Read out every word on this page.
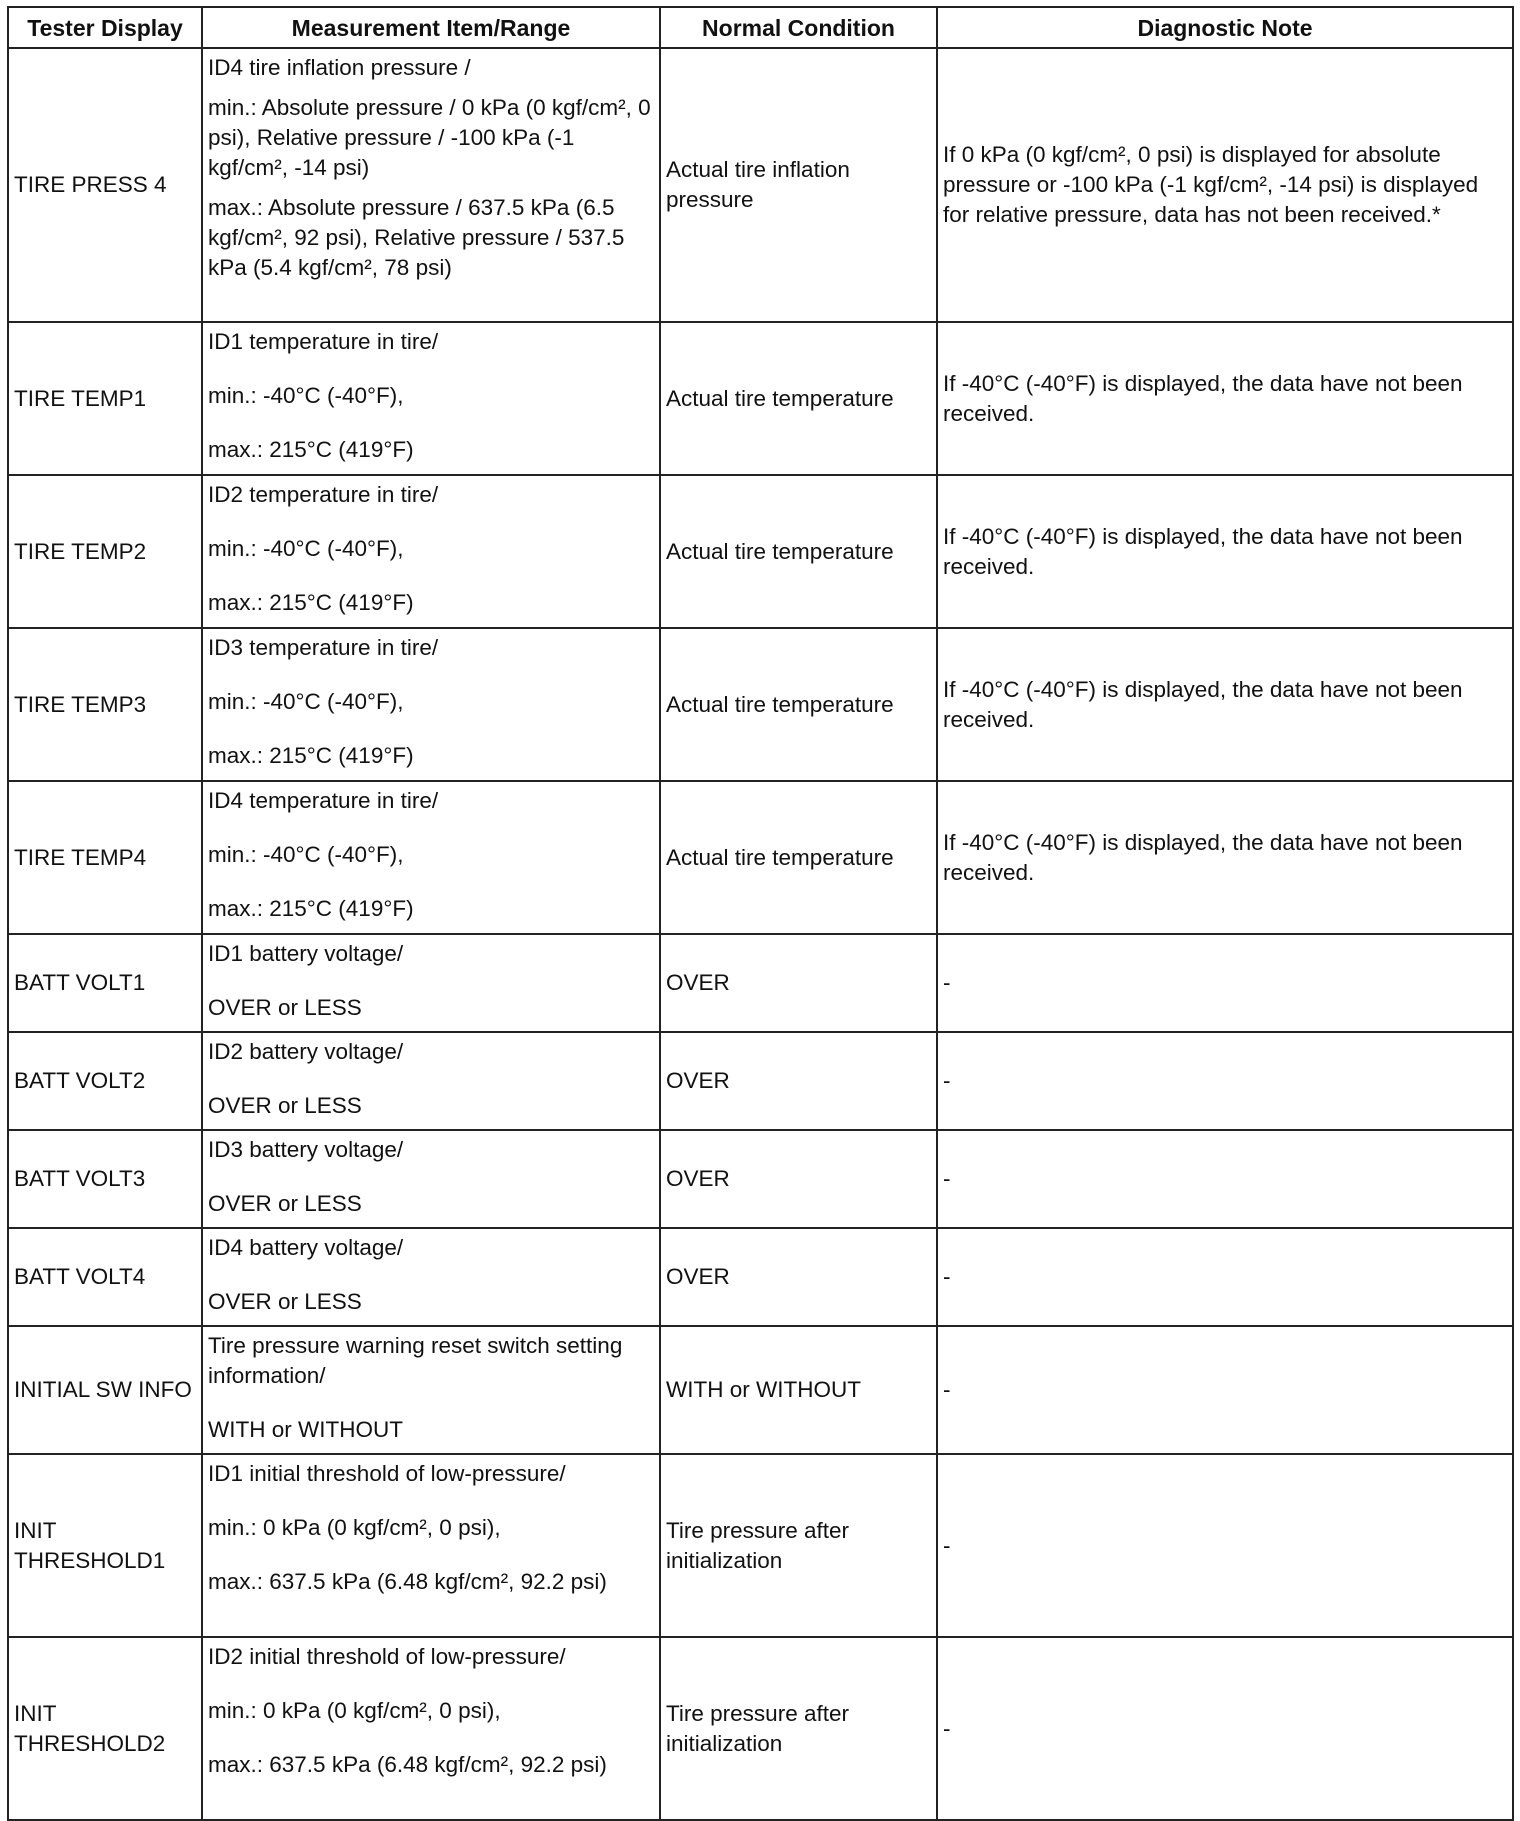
Tester Display	Measurement Item/Range	Normal Condition	Diagnostic Note
TIRE PRESS 4	ID4 tire inflation pressure /

min.: Absolute pressure / 0 kPa (0 kgf/cm², 0 psi), Relative pressure / -100 kPa (-1 kgf/cm², -14 psi)

max.: Absolute pressure / 637.5 kPa (6.5 kgf/cm², 92 psi), Relative pressure / 537.5 kPa (5.4 kgf/cm², 78 psi)	Actual tire inflation pressure	If 0 kPa (0 kgf/cm², 0 psi) is displayed for absolute pressure or -100 kPa (-1 kgf/cm², -14 psi) is displayed for relative pressure, data has not been received.*
TIRE TEMP1	ID1 temperature in tire/

min.: -40°C (-40°F),

max.: 215°C (419°F)	Actual tire temperature	If -40°C (-40°F) is displayed, the data have not been received.
TIRE TEMP2	ID2 temperature in tire/

min.: -40°C (-40°F),

max.: 215°C (419°F)	Actual tire temperature	If -40°C (-40°F) is displayed, the data have not been received.
TIRE TEMP3	ID3 temperature in tire/

min.: -40°C (-40°F),

max.: 215°C (419°F)	Actual tire temperature	If -40°C (-40°F) is displayed, the data have not been received.
TIRE TEMP4	ID4 temperature in tire/

min.: -40°C (-40°F),

max.: 215°C (419°F)	Actual tire temperature	If -40°C (-40°F) is displayed, the data have not been received.
BATT VOLT1	ID1 battery voltage/

OVER or LESS	OVER	-
BATT VOLT2	ID2 battery voltage/

OVER or LESS	OVER	-
BATT VOLT3	ID3 battery voltage/

OVER or LESS	OVER	-
BATT VOLT4	ID4 battery voltage/

OVER or LESS	OVER	-
INITIAL SW INFO	Tire pressure warning reset switch setting information/

WITH or WITHOUT	WITH or WITHOUT	-
INIT THRESHOLD1	ID1 initial threshold of low-pressure/

min.: 0 kPa (0 kgf/cm², 0 psi),

max.: 637.5 kPa (6.48 kgf/cm², 92.2 psi)	Tire pressure after initialization	-
INIT THRESHOLD2	ID2 initial threshold of low-pressure/

min.: 0 kPa (0 kgf/cm², 0 psi),

max.: 637.5 kPa (6.48 kgf/cm², 92.2 psi)	Tire pressure after initialization	-
